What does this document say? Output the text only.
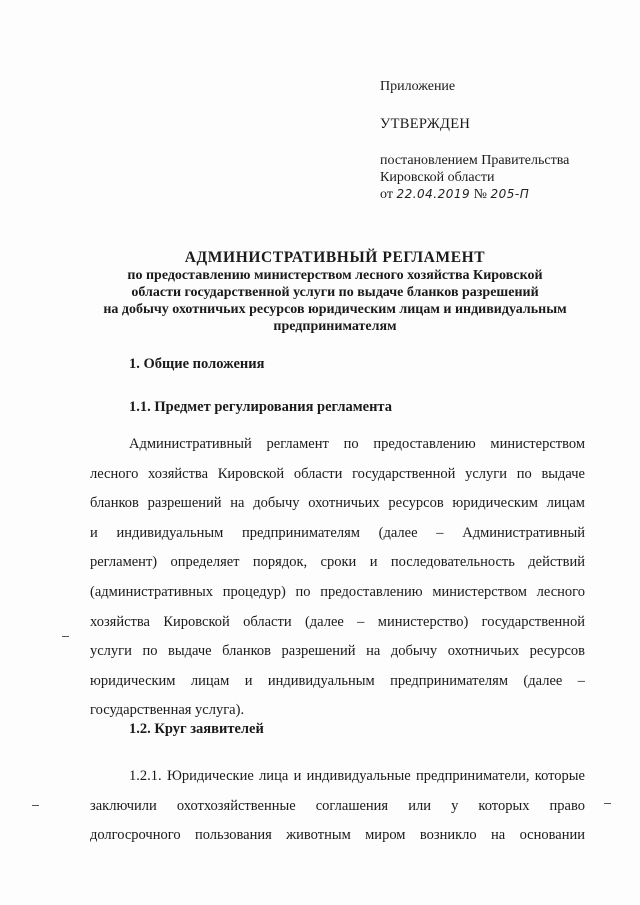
Приложение
УТВЕРЖДЕН
постановлением Правительства
Кировской области
от 22.04.2019 № 205-П
АДМИНИСТРАТИВНЫЙ РЕГЛАМЕНТ
по предоставлению министерством лесного хозяйства Кировской
области государственной услуги по выдаче бланков разрешений
на добычу охотничьих ресурсов юридическим лицам и индивидуальным
предпринимателям
1. Общие положения
1.1. Предмет регулирования регламента
Административный регламент по предоставлению министерством
лесного хозяйства Кировской области государственной услуги по выдаче
бланков разрешений на добычу охотничьих ресурсов юридическим лицам
и индивидуальным предпринимателям (далее – Административный
регламент) определяет порядок, сроки и последовательность действий
(административных процедур) по предоставлению министерством лесного
хозяйства Кировской области (далее – министерство) государственной
услуги по выдаче бланков разрешений на добычу охотничьих ресурсов
юридическим лицам и индивидуальным предпринимателям (далее –
государственная услуга).
1.2. Круг заявителей
1.2.1. Юридические лица и индивидуальные предприниматели, которые
заключили охотхозяйственные соглашения или у которых право
долгосрочного пользования животным миром возникло на основании
